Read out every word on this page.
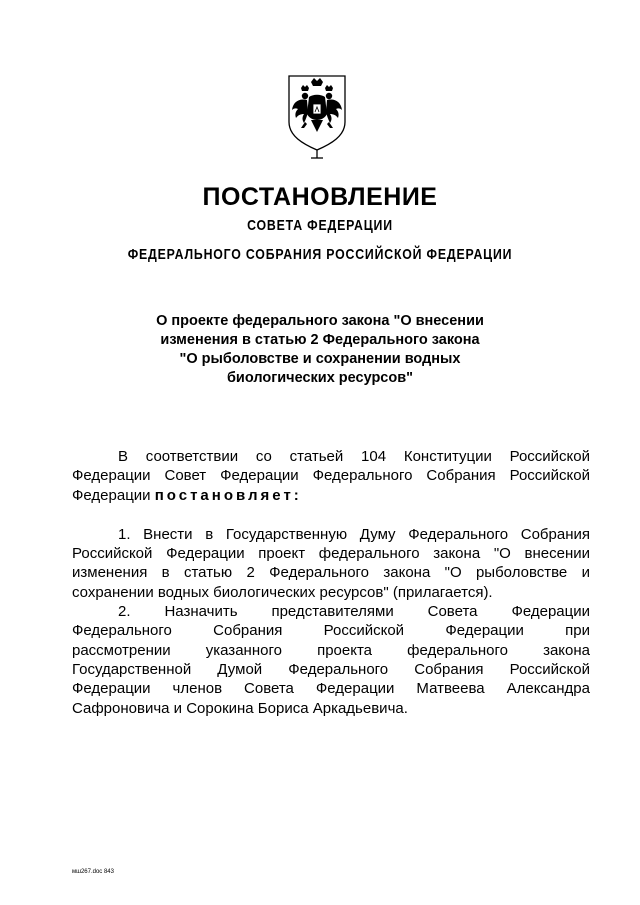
ПОСТАНОВЛЕНИЕ
СОВЕТА ФЕДЕРАЦИИ
ФЕДЕРАЛЬНОГО СОБРАНИЯ РОССИЙСКОЙ ФЕДЕРАЦИИ
О проекте федерального закона "О внесении
изменения в статью 2 Федерального закона
"О рыболовстве и сохранении водных
биологических ресурсов"
В соответствии со статьей 104 Конституции Российской
Федерации Совет Федерации Федерального Собрания Российской
Федерации постановляет:
1. Внести в Государственную Думу Федерального Собрания
Российской Федерации проект федерального закона "О внесении
изменения в статью 2 Федерального закона "О рыболовстве и
сохранении водных биологических ресурсов" (прилагается).
2. Назначить представителями Совета Федерации
Федерального Собрания Российской Федерации при
рассмотрении указанного проекта федерального закона
Государственной Думой Федерального Собрания Российской
Федерации членов Совета Федерации Матвеева Александра
Сафроновича и Сорокина Бориса Аркадьевича.
мш267.doc 843
